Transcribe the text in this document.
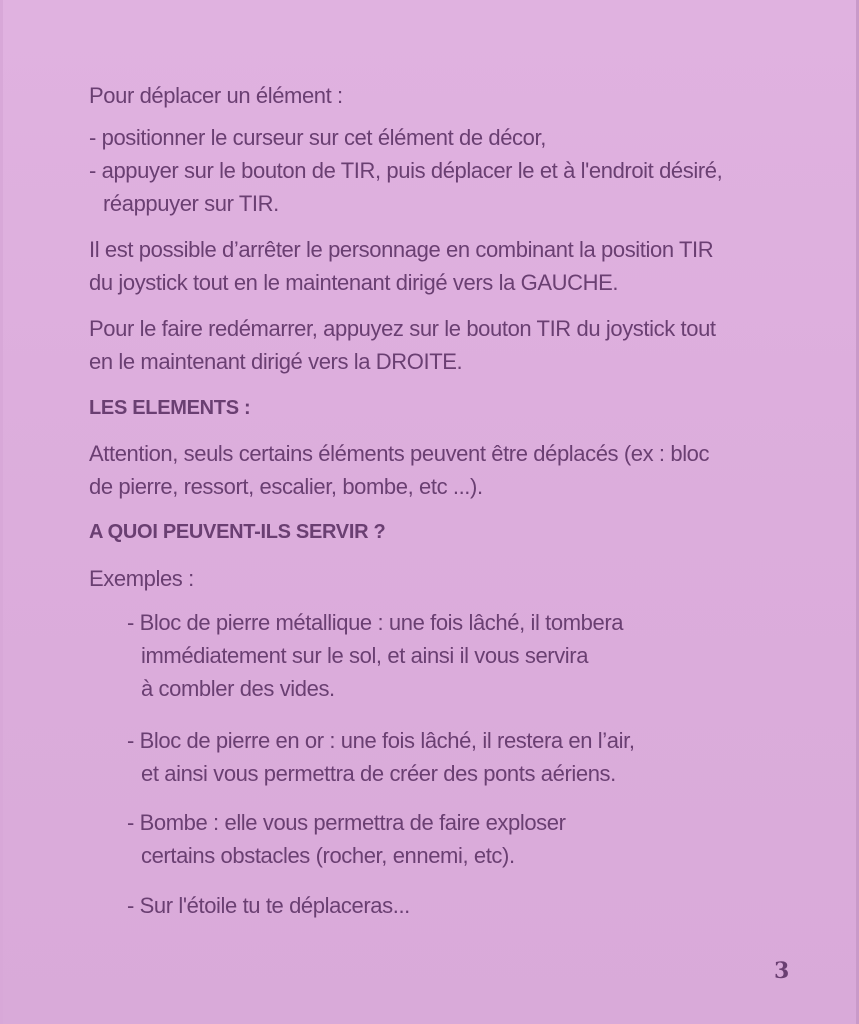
Pour déplacer un élément :
- positionner le curseur sur cet élément de décor,
- appuyer sur le bouton de TIR, puis déplacer le et à l'endroit désiré,
réappuyer sur TIR.
Il est possible d’arrêter le personnage en combinant la position TIR
du joystick tout en le maintenant dirigé vers la GAUCHE.
Pour le faire redémarrer, appuyez sur le bouton TIR du joystick tout
en le maintenant dirigé vers la DROITE.
LES ELEMENTS :
Attention, seuls certains éléments peuvent être déplacés (ex : bloc
de pierre, ressort, escalier, bombe, etc ...).
A QUOI PEUVENT-ILS SERVIR ?
Exemples :
- Bloc de pierre métallique : une fois lâché, il tombera
immédiatement sur le sol, et ainsi il vous servira
à combler des vides.
- Bloc de pierre en or : une fois lâché, il restera en l’air,
et ainsi vous permettra de créer des ponts aériens.
- Bombe : elle vous permettra de faire exploser
certains obstacles (rocher, ennemi, etc).
- Sur l'étoile tu te déplaceras...
3
